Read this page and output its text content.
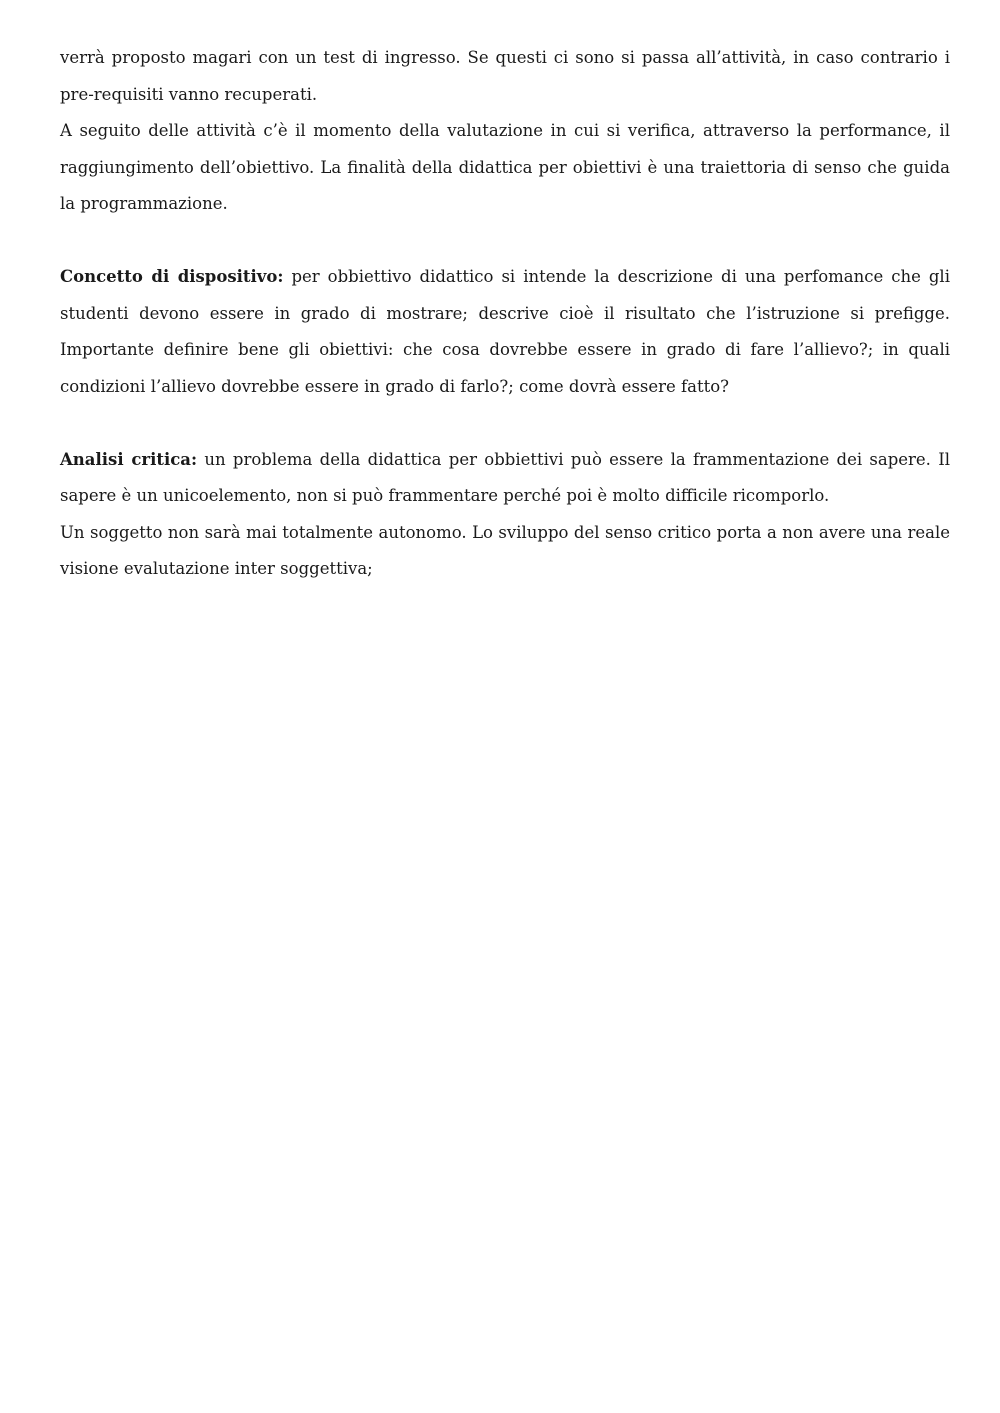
verrà proposto magari con un test di ingresso. Se questi ci sono si passa all’attività, in caso contrario i pre-requisiti vanno recuperati.

A seguito delle attività c’è il momento della valutazione in cui si verifica, attraverso la performance, il raggiungimento dell’obiettivo. La finalità della didattica per obiettivi è una traiettoria di senso che guida la programmazione.

Concetto di dispositivo: per obbiettivo didattico si intende la descrizione di una perfomance che gli studenti devono essere in grado di mostrare; descrive cioè il risultato che l’istruzione si prefigge. Importante definire bene gli obiettivi: che cosa dovrebbe essere in grado di fare l’allievo?; in quali condizioni l’allievo dovrebbe essere in grado di farlo?; come dovrà essere fatto?

Analisi critica: un problema della didattica per obbiettivi può essere la frammentazione dei sapere. Il sapere è un unicoelemento, non si può frammentare perché poi è molto difficile ricomporlo.

Un soggetto non sarà mai totalmente autonomo. Lo sviluppo del senso critico porta a non avere una reale visione evalutazione inter soggettiva;
